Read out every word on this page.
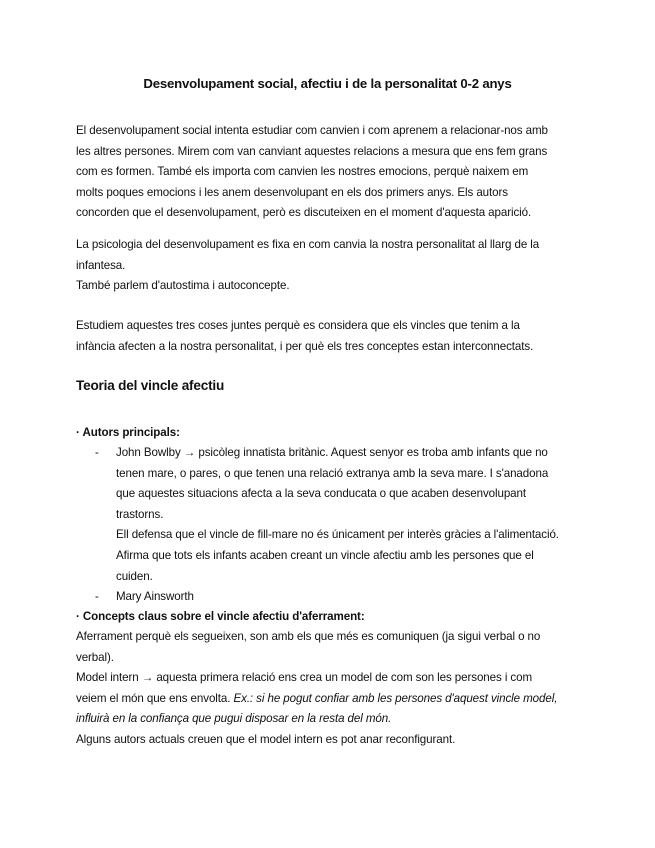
Desenvolupament social, afectiu i de la personalitat 0-2 anys
El desenvolupament social intenta estudiar com canvien i com aprenem a relacionar-nos amb
les altres persones. Mirem com van canviant aquestes relacions a mesura que ens fem grans
com es formen. També els importa com canvien les nostres emocions, perquè naixem em
molts poques emocions i les anem desenvolupant en els dos primers anys. Els autors
concorden que el desenvolupament, però es discuteixen en el moment d'aquesta aparició.
La psicologia del desenvolupament es fixa en com canvia la nostra personalitat al llarg de la
infantesa.
També parlem d'autostima i autoconcepte.
Estudiem aquestes tres coses juntes perquè es considera que els vincles que tenim a la
infància afecten a la nostra personalitat, i per què els tres conceptes estan interconnectats.
Teoria del vincle afectiu
· Autors principals:
- John Bowlby → psicòleg innatista britànic. Aquest senyor es troba amb infants que no
tenen mare, o pares, o que tenen una relació extranya amb la seva mare. I s'anadona
que aquestes situacions afecta a la seva conducata o que acaben desenvolupant
trastorns.
Ell defensa que el vincle de fill-mare no és únicament per interès gràcies a l'alimentació.
Afirma que tots els infants acaben creant un vincle afectiu amb les persones que el
cuiden.
- Mary Ainsworth
· Concepts claus sobre el vincle afectiu d'aferrament:
Aferrament perquè els segueixen, son amb els que més es comuniquen (ja sigui verbal o no
verbal).
Model intern → aquesta primera relació ens crea un model de com son les persones i com
veiem el món que ens envolta. Ex.: si he pogut confiar amb les persones d'aquest vincle model,
influirà en la confiança que pugui disposar en la resta del món.
Alguns autors actuals creuen que el model intern es pot anar reconfigurant.
